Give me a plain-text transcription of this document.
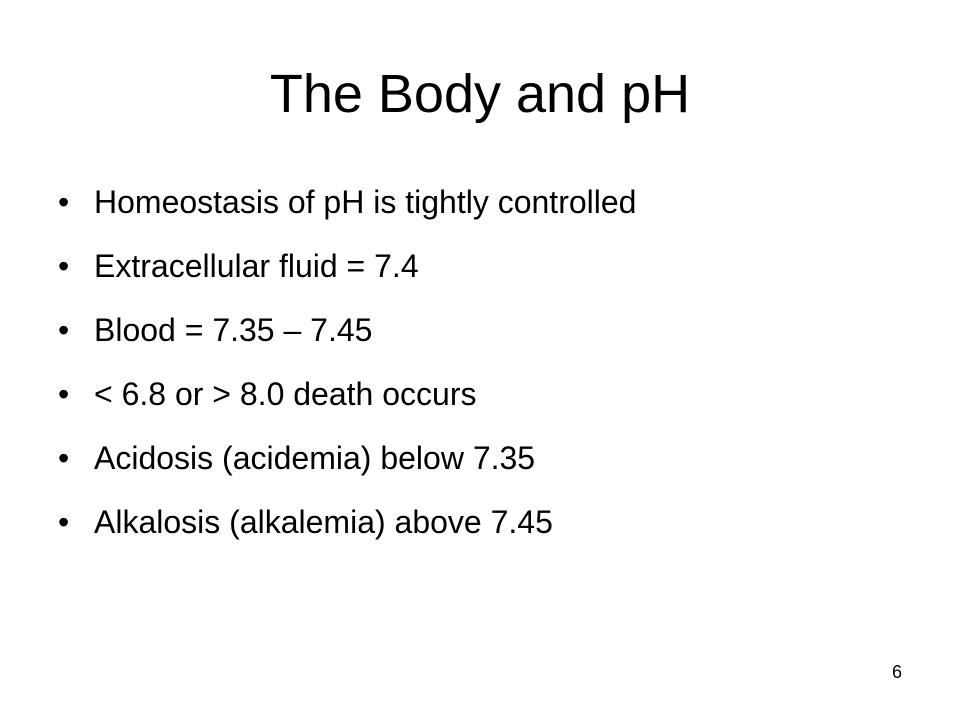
The Body and pH
• Homeostasis of pH is tightly controlled
• Extracellular fluid = 7.4
• Blood = 7.35 – 7.45
• < 6.8 or > 8.0 death occurs
• Acidosis (acidemia) below 7.35
• Alkalosis (alkalemia) above 7.45
6
